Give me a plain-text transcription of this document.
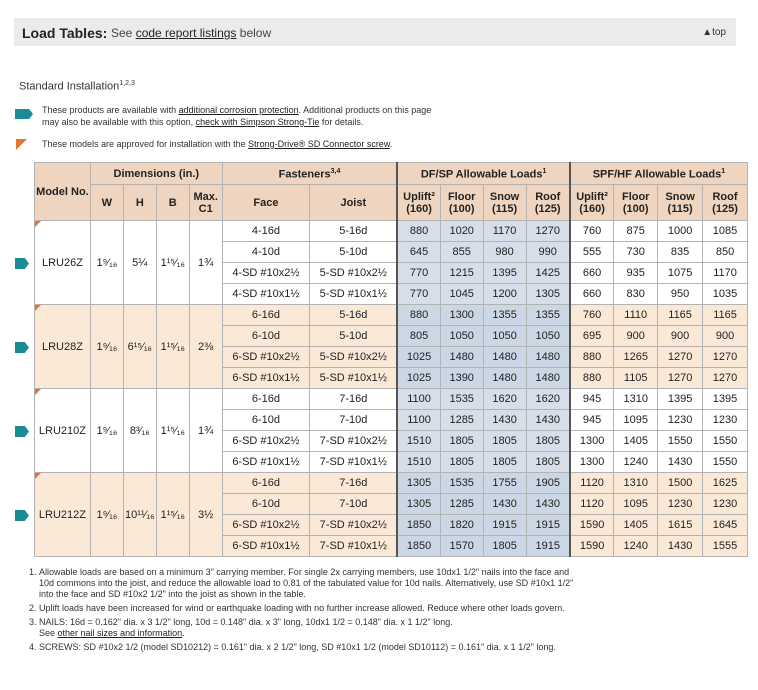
Load Tables: See code report listings below	▲top
Standard Installation$^{1,2,3}$
These products are available with additional corrosion protection. Additional products on this page
may also be available with this option, check with Simpson Strong-Tie for details.
These models are approved for installation with the Strong-Drive® SD Connector screw.
Model No.	Dimensions (in.)				Fasteners$^{3,4}$		DF/SP Allowable Loads$^1$				SPF/HF Allowable Loads$^1$
	W	H	B	Max. C1	Face	Joist	Uplift² (160)	Floor (100)	Snow (115)	Roof (125)	Uplift² (160)	Floor (100)	Snow (115)	Roof (125)
LRU26Z	1⁹⁄₁₆	5¼	1¹⁵⁄₁₆	1¾	4-16d	5-16d	880	1020	1170	1270	760	875	1000	1085
					4-10d	5-10d	645	855	980	990	555	730	835	850
					4-SD #10x2½	5-SD #10x2½	770	1215	1395	1425	660	935	1075	1170
					4-SD #10x1½	5-SD #10x1½	770	1045	1200	1305	660	830	950	1035
LRU28Z	1⁹⁄₁₆	6¹⁵⁄₁₆	1¹⁵⁄₁₆	2⅜	6-16d	5-16d	880	1300	1355	1355	760	1110	1165	1165
					6-10d	5-10d	805	1050	1050	1050	695	900	900	900
					6-SD #10x2½	5-SD #10x2½	1025	1480	1480	1480	880	1265	1270	1270
					6-SD #10x1½	5-SD #10x1½	1025	1390	1480	1480	880	1105	1270	1270
LRU210Z	1⁹⁄₁₆	8³⁄₁₆	1¹⁵⁄₁₆	1¾	6-16d	7-16d	1100	1535	1620	1620	945	1310	1395	1395
					6-10d	7-10d	1100	1285	1430	1430	945	1095	1230	1230
					6-SD #10x2½	7-SD #10x2½	1510	1805	1805	1805	1300	1405	1550	1550
					6-SD #10x1½	7-SD #10x1½	1510	1805	1805	1805	1300	1240	1430	1550
LRU212Z	1⁹⁄₁₆	10¹¹⁄₁₆	1¹⁵⁄₁₆	3½	6-16d	7-16d	1305	1535	1755	1905	1120	1310	1500	1625
					6-10d	7-10d	1305	1285	1430	1430	1120	1095	1230	1230
					6-SD #10x2½	7-SD #10x2½	1850	1820	1915	1915	1590	1405	1615	1645
					6-SD #10x1½	7-SD #10x1½	1850	1570	1805	1915	1590	1240	1430	1555
1. Allowable loads are based on a minimum 3" carrying member. For single 2x carrying members, use 10dx1 1/2" nails into the face and 10d commons into the joist, and reduce the allowable load to 0.81 of the tabulated value for 10d nails. Alternatively, use SD #10x1 1/2" into the face and SD #10x2 1/2" into the joist as shown in the table.
2. Uplift loads have been increased for wind or earthquake loading with no further increase allowed. Reduce where other loads govern.
3. NAILS: 16d = 0.162" dia. x 3 1/2" long, 10d = 0.148" dia. x 3" long, 10dx1 1/2 = 0.148" dia. x 1 1/2" long.
See other nail sizes and information.
4. SCREWS: SD #10x2 1/2 (model SD10212) = 0.161" dia. x 2 1/2" long, SD #10x1 1/2 (model SD10112) = 0.161" dia. x 1 1/2" long.
